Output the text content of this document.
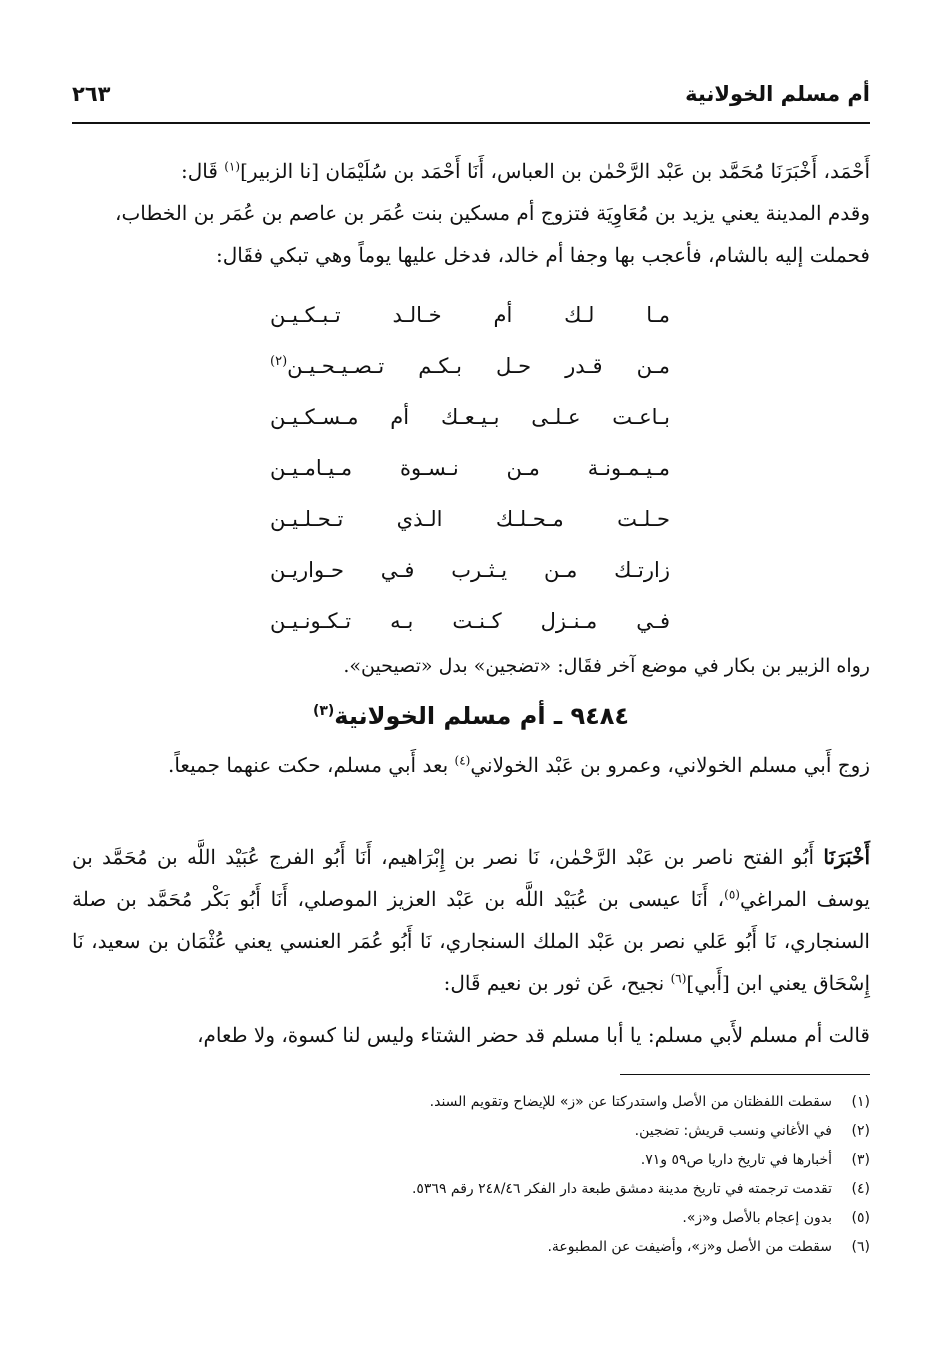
أم مسلم الخولانية
٢٦٣
أَحْمَد، أَخْبَرَنَا مُحَمَّد بن عَبْد الرَّحْمٰن بن العباس، أَنَا أَحْمَد بن سُلَيْمَان [نا الزبير]$^{(١)}$ قَال:
وقدم المدينة يعني يزيد بن مُعَاوِيَة فتزوج أم مسكين بنت عُمَر بن عاصم بن عُمَر بن الخطاب،
فحملت إليه بالشام، فأعجب بها وجفا أم خالد، فدخل عليها يوماً وهي تبكي فقَال:
مـا لـك أم خـالـد تـبـكـيـن
مـن قـدر حـل بـكـم تـصـيـحـيـن$^{(٢)}$
بـاعـت عـلـى بـيـعـك أم مـسـكـيـن
مـيـمـونـة مـن نـسـوة مـيـامـيـن
حـلـت مـحـلـك الـذي تـحـلـيـن
زارتـك مـن يـثـرب فـي حـواريـن
فـي مـنـزل كـنـت بـه تـكـونـيـن
رواه الزبير بن بكار في موضع آخر فقَال: «تضجين» بدل «تصيحين».
٩٤٨٤ ـ أم مسلم الخولانية$^{(٣)}$
زوج أَبي مسلم الخولاني، وعمرو بن عَبْد الخولاني$^{(٤)}$ بعد أَبي مسلم، حكت عنهما جميعاً.
أَخْبَرَنَا أَبُو الفتح ناصر بن عَبْد الرَّحْمٰن، نَا نصر بن إِبْرَاهيم، أَنَا أَبُو الفرج عُبَيْد اللَّه بن مُحَمَّد بن يوسف المراغي$^{(٥)}$، أَنَا عيسى بن عُبَيْد اللَّه بن عَبْد العزيز الموصلي، أَنَا أَبُو بَكْر مُحَمَّد بن صلة السنجاري، نَا أَبُو عَلي نصر بن عَبْد الملك السنجاري، نَا أَبُو عُمَر العنسي يعني عُثْمَان بن سعيد، نَا إِسْحَاق يعني ابن [أَبي]$^{(٦)}$ نجيح، عَن ثور بن نعيم قَال:
قالت أم مسلم لأَبي مسلم: يا أبا مسلم قد حضر الشتاء وليس لنا كسوة، ولا طعام،
(١)
سقطت اللفظتان من الأصل واستدركتا عن «ز» للإيضاح وتقويم السند.
(٢)
في الأغاني ونسب قريش: تضجين.
(٣)
أخبارها في تاريخ داريا ص٥٩ و٧١.
(٤)
تقدمت ترجمته في تاريخ مدينة دمشق طبعة دار الفكر ٢٤٨/٤٦ رقم ٥٣٦٩.
(٥)
بدون إعجام بالأصل و«ز».
(٦)
سقطت من الأصل و«ز»، وأضيفت عن المطبوعة.
